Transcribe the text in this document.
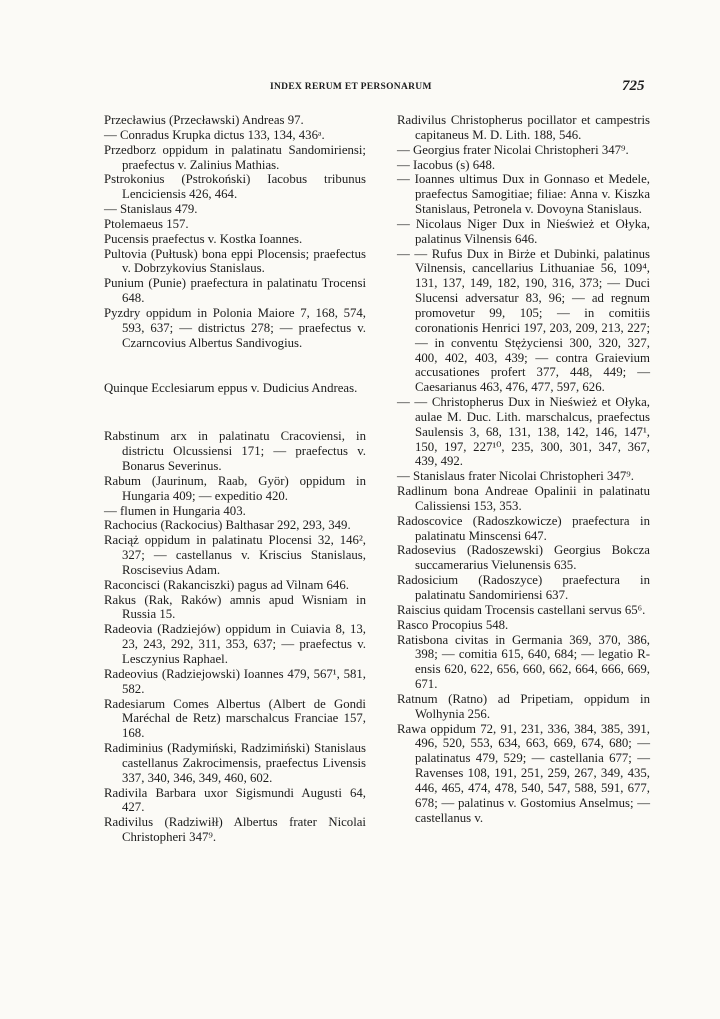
INDEX RERUM ET PERSONARUM	725

Przecławius (Przecławski) Andreas 97.

— Conradus Krupka dictus 133, 134, 436ᵃ.

Przedborz oppidum in palatinatu Sandomiriensi; praefectus v. Zalinius Mathias.

Pstrokonius (Pstrokoński) Iacobus tribunus Lenciciensis 426, 464.

— Stanislaus 479.

Ptolemaeus 157.

Pucensis praefectus v. Kostka Ioannes.

Pultovia (Pułtusk) bona eppi Plocensis; praefectus v. Dobrzykovius Stanislaus.

Punium (Punie) praefectura in palatinatu Trocensi 648.

Pyzdry oppidum in Polonia Maiore 7, 168, 574, 593, 637; — districtus 278; — praefectus v. Czarncovius Albertus Sandivogius.

Quinque Ecclesiarum eppus v. Dudicius Andreas.

Rabstinum arx in palatinatu Cracoviensi, in districtu Olcussiensi 171; — praefectus v. Bonarus Severinus.

Rabum (Jaurinum, Raab, Györ) oppidum in Hungaria 409; — expeditio 420.

— flumen in Hungaria 403.

Rachocius (Rackocius) Balthasar 292, 293, 349.

Raciąż oppidum in palatinatu Plocensi 32, 146², 327; — castellanus v. Kriscius Stanislaus, Roscisevius Adam.

Raconcisci (Rakanciszki) pagus ad Vilnam 646.

Rakus (Rak, Raków) amnis apud Wisniam in Russia 15.

Radeovia (Radziejów) oppidum in Cuiavia 8, 13, 23, 243, 292, 311, 353, 637; — praefectus v. Lesczynius Raphael.

Radeovius (Radziejowski) Ioannes 479, 567¹, 581, 582.

Radesiarum Comes Albertus (Albert de Gondi Maréchal de Retz) marschalcus Franciae 157, 168.

Radiminius (Radymiński, Radzimiński) Stanislaus castellanus Zakrocimensis, praefectus Livensis 337, 340, 346, 349, 460, 602.

Radivila Barbara uxor Sigismundi Augusti 64, 427.

Radivilus (Radziwiłł) Albertus frater Nicolai Christopheri 347⁹.

Radivilus Christopherus pocillator et campestris capitaneus M. D. Lith. 188, 546.

— Georgius frater Nicolai Christopheri 347⁹.

— Iacobus (s) 648.

— Ioannes ultimus Dux in Gonnaso et Medele, praefectus Samogitiae; filiae: Anna v. Kiszka Stanislaus, Petronela v. Dovoyna Stanislaus.

— Nicolaus Niger Dux in Nieśwież et Ołyka, palatinus Vilnensis 646.

— — Rufus Dux in Birże et Dubinki, palatinus Vilnensis, cancellarius Lithuaniae 56, 109⁴, 131, 137, 149, 182, 190, 316, 373; — Duci Slucensi adversatur 83, 96; — ad regnum promovetur 99, 105; — in comitiis coronationis Henrici 197, 203, 209, 213, 227; — in conventu Stężyciensi 300, 320, 327, 400, 402, 403, 439; — contra Graievium accusationes profert 377, 448, 449; — Caesarianus 463, 476, 477, 597, 626.

— — Christopherus Dux in Nieśwież et Ołyka, aulae M. Duc. Lith. marschalcus, praefectus Saulensis 3, 68, 131, 138, 142, 146, 147¹, 150, 197, 227¹⁰, 235, 300, 301, 347, 367, 439, 492.

— Stanislaus frater Nicolai Christopheri 347⁹.

Radlinum bona Andreae Opalinii in palatinatu Calissiensi 153, 353.

Radoscovice (Radoszkowicze) praefectura in palatinatu Minscensi 647.

Radosevius (Radoszewski) Georgius Bokcza succamerarius Vielunensis 635.

Radosicium (Radoszyce) praefectura in palatinatu Sandomiriensi 637.

Raiscius quidam Trocensis castellani servus 65⁶.

Rasco Procopius 548.

Ratisbona civitas in Germania 369, 370, 386, 398; — comitia 615, 640, 684; — legatio R-ensis 620, 622, 656, 660, 662, 664, 666, 669, 671.

Ratnum (Ratno) ad Pripetiam, oppidum in Wolhynia 256.

Rawa oppidum 72, 91, 231, 336, 384, 385, 391, 496, 520, 553, 634, 663, 669, 674, 680; — palatinatus 479, 529; — castellania 677; — Ravenses 108, 191, 251, 259, 267, 349, 435, 446, 465, 474, 478, 540, 547, 588, 591, 677, 678; — palatinus v. Gostomius Anselmus; — castellanus v.
